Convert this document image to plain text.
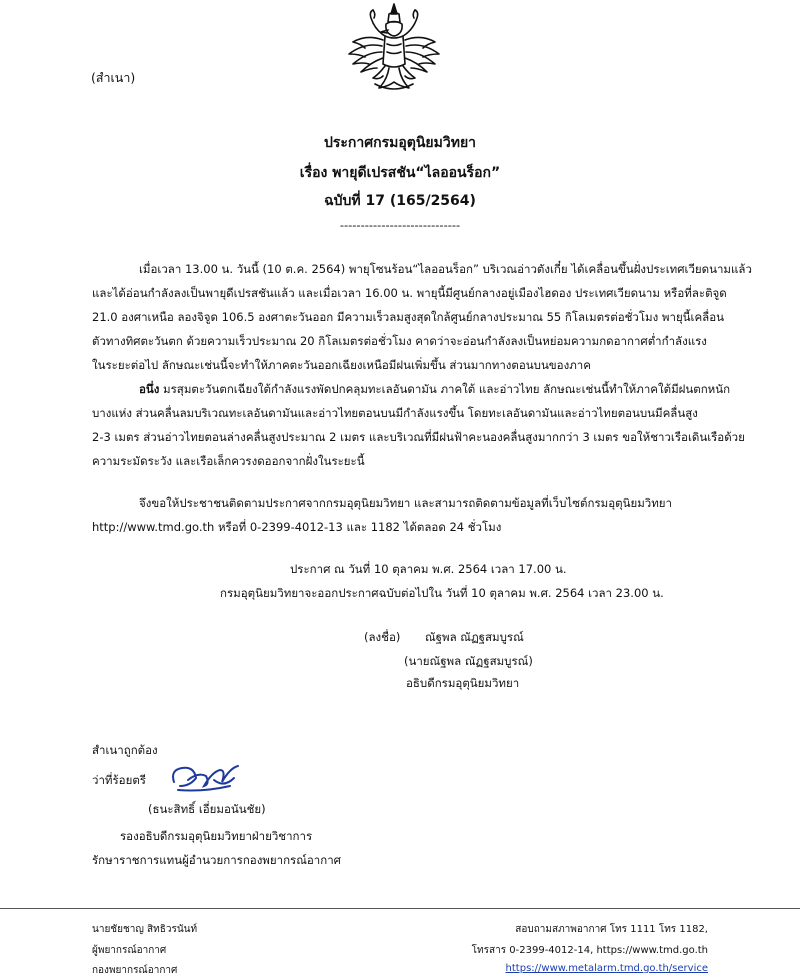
(สำเนา)
ประกาศกรมอุตุนิยมวิทยา
เรื่อง พายุดีเปรสชัน“ไลออนร็อก”
ฉบับที่ 17 (165/2564)
-----------------------------
เมื่อเวลา 13.00 น. วันนี้ (10 ต.ค. 2564) พายุโซนร้อน“ไลออนร็อก” บริเวณอ่าวตังเกี๋ย ได้เคลื่อนขึ้นฝั่งประเทศเวียดนามแล้ว
และได้อ่อนกำลังลงเป็นพายุดีเปรสชันแล้ว และเมื่อเวลา 16.00 น. พายุนี้มีศูนย์กลางอยู่เมืองไฮดอง ประเทศเวียดนาม หรือที่ละติจูด
21.0 องศาเหนือ ลองจิจูด 106.5 องศาตะวันออก มีความเร็วลมสูงสุดใกล้ศูนย์กลางประมาณ 55 กิโลเมตรต่อชั่วโมง พายุนี้เคลื่อน
ตัวทางทิศตะวันตก ด้วยความเร็วประมาณ 20 กิโลเมตรต่อชั่วโมง คาดว่าจะอ่อนกำลังลงเป็นหย่อมความกดอากาศต่ำกำลังแรง
ในระยะต่อไป ลักษณะเช่นนี้จะทำให้ภาคตะวันออกเฉียงเหนือมีฝนเพิ่มขึ้น ส่วนมากทางตอนบนของภาค
อนึ่ง มรสุมตะวันตกเฉียงใต้กำลังแรงพัดปกคลุมทะเลอันดามัน ภาคใต้ และอ่าวไทย ลักษณะเช่นนี้ทำให้ภาคใต้มีฝนตกหนัก
บางแห่ง ส่วนคลื่นลมบริเวณทะเลอันดามันและอ่าวไทยตอนบนมีกำลังแรงขึ้น โดยทะเลอันดามันและอ่าวไทยตอนบนมีคลื่นสูง
2-3 เมตร ส่วนอ่าวไทยตอนล่างคลื่นสูงประมาณ 2 เมตร และบริเวณที่มีฝนฟ้าคะนองคลื่นสูงมากกว่า 3 เมตร ขอให้ชาวเรือเดินเรือด้วย
ความระมัดระวัง และเรือเล็กควรงดออกจากฝั่งในระยะนี้
จึงขอให้ประชาชนติดตามประกาศจากกรมอุตุนิยมวิทยา และสามารถติดตามข้อมูลที่เว็บไซต์กรมอุตุนิยมวิทยา
http://www.tmd.go.th หรือที่ 0-2399-4012-13 และ 1182 ได้ตลอด 24 ชั่วโมง
ประกาศ ณ วันที่ 10 ตุลาคม พ.ศ. 2564 เวลา 17.00 น.
กรมอุตุนิยมวิทยาจะออกประกาศฉบับต่อไปใน วันที่ 10 ตุลาคม พ.ศ. 2564 เวลา 23.00 น.
(ลงชื่อ) ณัฐพล ณัฏฐสมบูรณ์
(นายณัฐพล ณัฏฐสมบูรณ์)
อธิบดีกรมอุตุนิยมวิทยา
สำเนาถูกต้อง
ว่าที่ร้อยตรี
(ธนะสิทธิ์ เอี่ยมอนันชัย)
รองอธิบดีกรมอุตุนิยมวิทยาฝ่ายวิชาการ
รักษาราชการแทนผู้อำนวยการกองพยากรณ์อากาศ
นายชัยชาญ สิทธิวรนันท์
ผู้พยากรณ์อากาศ
กองพยากรณ์อากาศ
สอบถามสภาพอากาศ โทร 1111 โทร 1182,
โทรสาร 0-2399-4012-14, https://www.tmd.go.th
https://www.metalarm.tmd.go.th/service
